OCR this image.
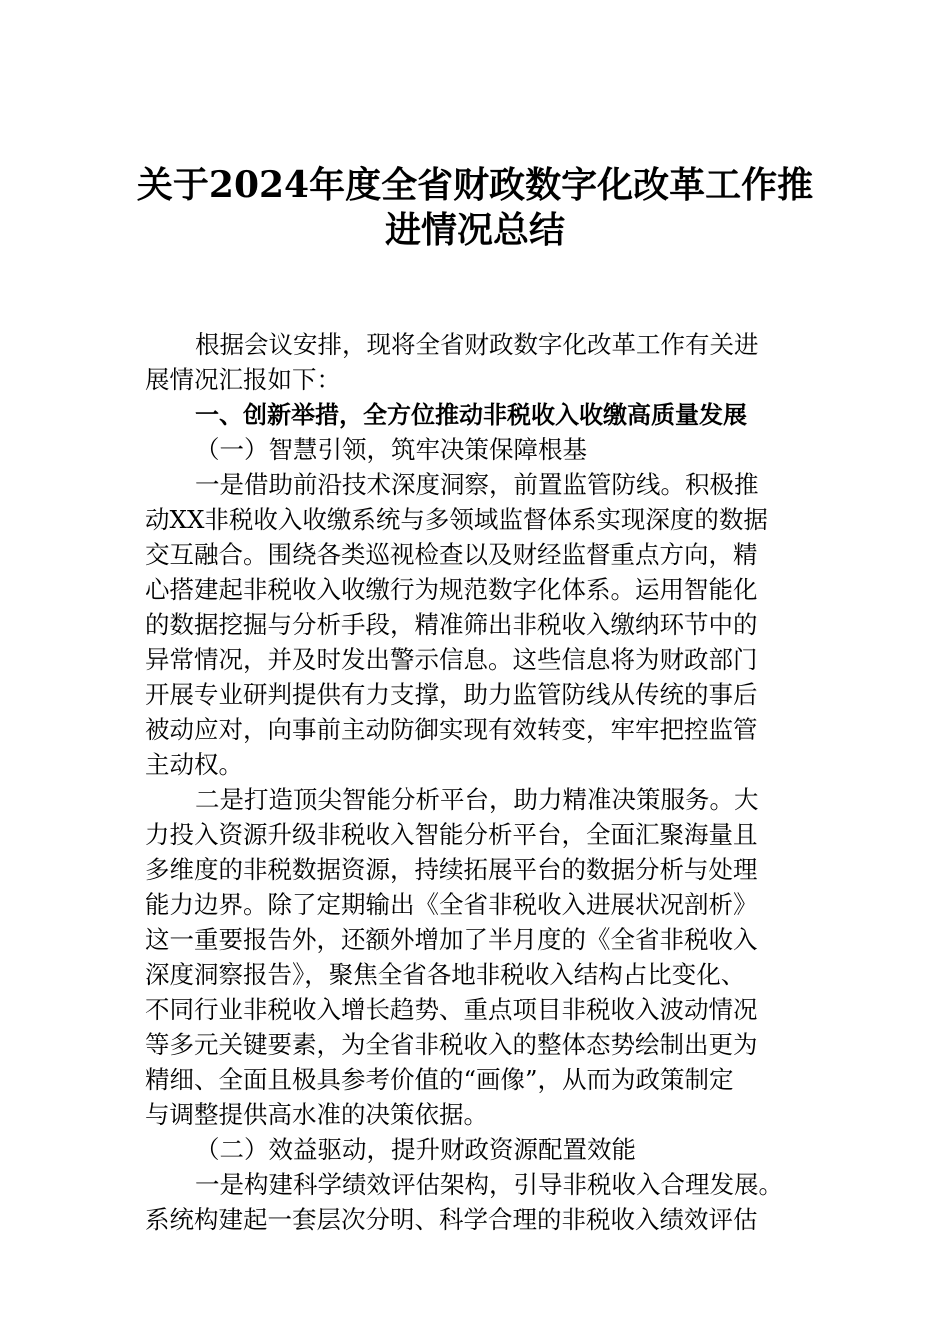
关于2024年度全省财政数字化改革工作推
进情况总结
根据会议安排，现将全省财政数字化改革工作有关进
展情况汇报如下：
一、创新举措，全方位推动非税收入收缴高质量发展
（一）智慧引领，筑牢决策保障根基
一是借助前沿技术深度洞察，前置监管防线。积极推
动XX非税收入收缴系统与多领域监督体系实现深度的数据
交互融合。围绕各类巡视检查以及财经监督重点方向，精
心搭建起非税收入收缴行为规范数字化体系。运用智能化
的数据挖掘与分析手段，精准筛出非税收入缴纳环节中的
异常情况，并及时发出警示信息。这些信息将为财政部门
开展专业研判提供有力支撑，助力监管防线从传统的事后
被动应对，向事前主动防御实现有效转变，牢牢把控监管
主动权。
二是打造顶尖智能分析平台，助力精准决策服务。大
力投入资源升级非税收入智能分析平台，全面汇聚海量且
多维度的非税数据资源，持续拓展平台的数据分析与处理
能力边界。除了定期输出《全省非税收入进展状况剖析》
这一重要报告外，还额外增加了半月度的《全省非税收入
深度洞察报告》，聚焦全省各地非税收入结构占比变化、
不同行业非税收入增长趋势、重点项目非税收入波动情况
等多元关键要素，为全省非税收入的整体态势绘制出更为
精细、全面且极具参考价值的“画像”，从而为政策制定
与调整提供高水准的决策依据。
（二）效益驱动，提升财政资源配置效能
一是构建科学绩效评估架构，引导非税收入合理发展。
系统构建起一套层次分明、科学合理的非税收入绩效评估
